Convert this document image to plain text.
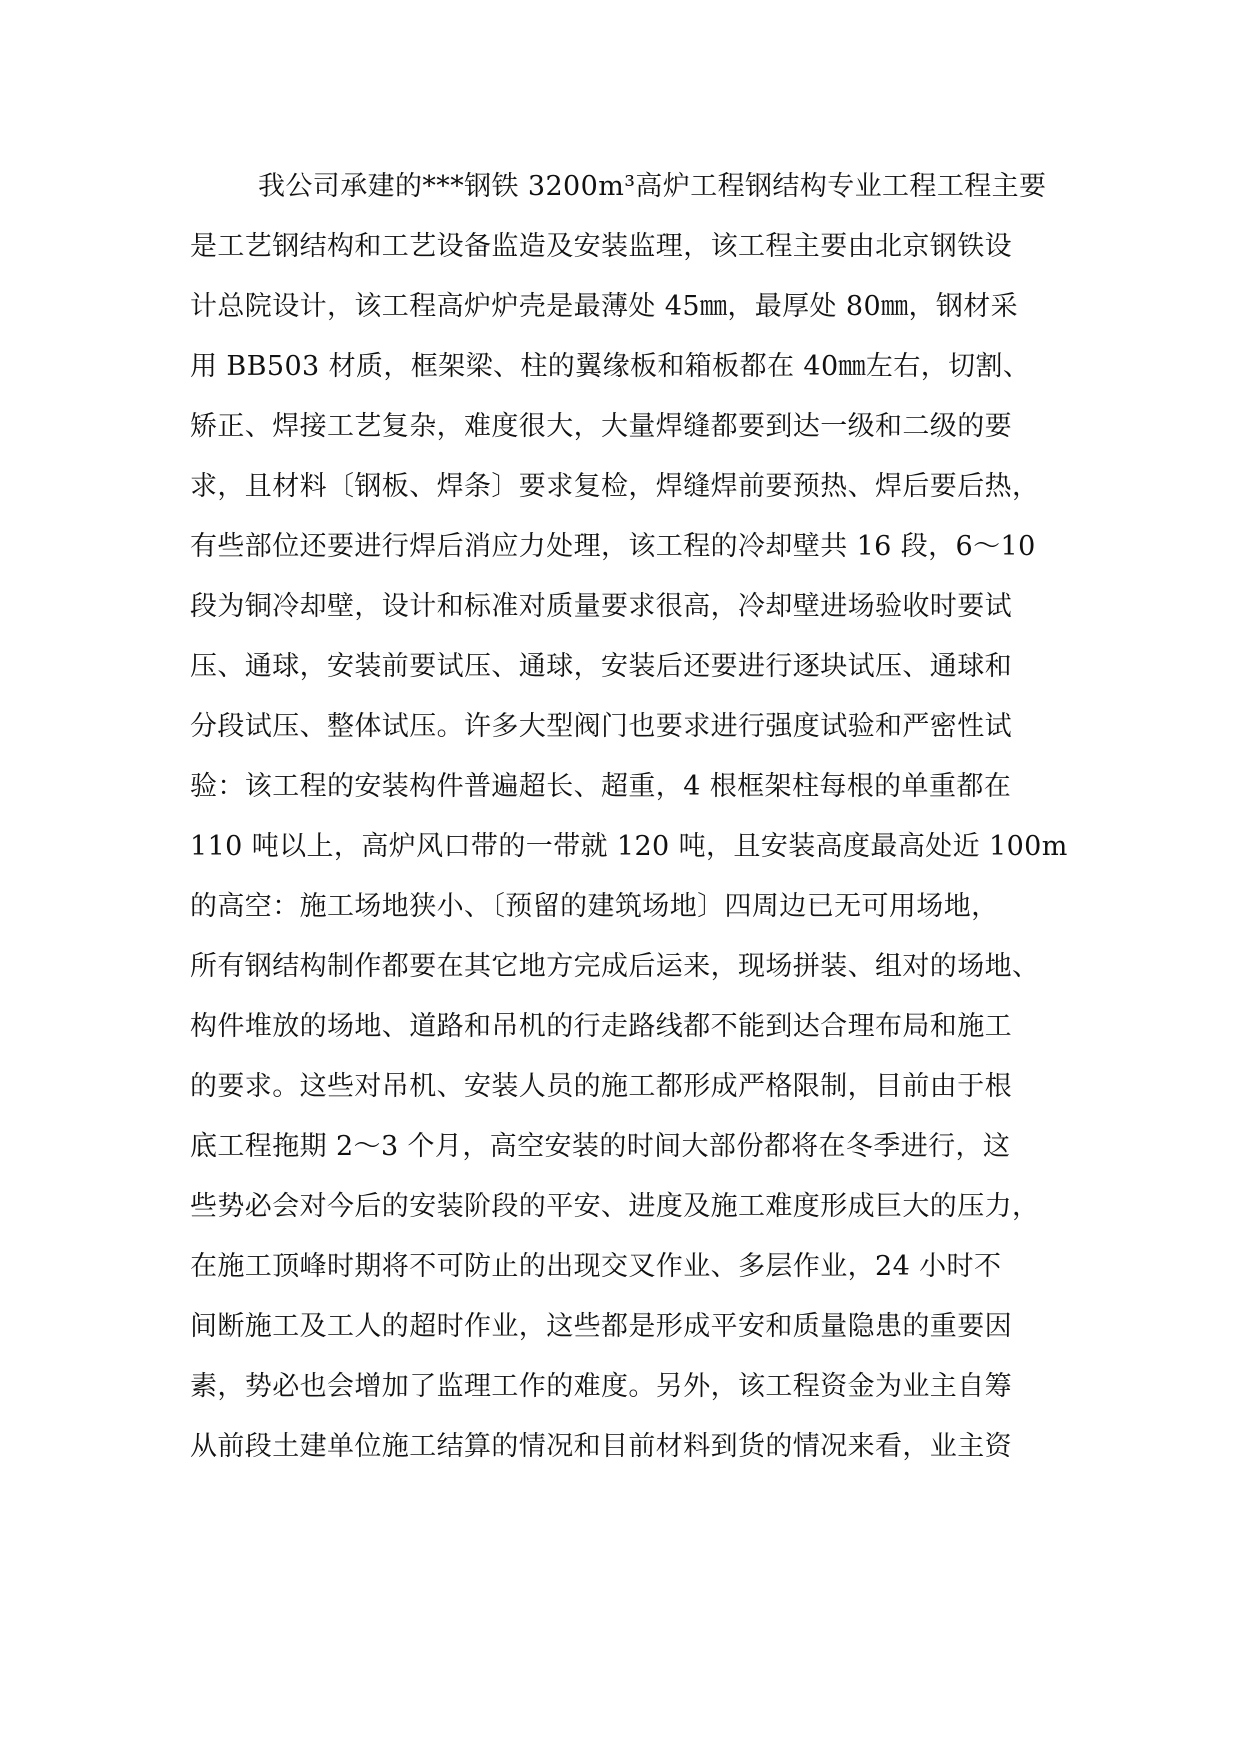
我公司承建的***钢铁 3200m³高炉工程钢结构专业工程工程主要
是工艺钢结构和工艺设备监造及安装监理，该工程主要由北京钢铁设
计总院设计，该工程高炉炉壳是最薄处 45㎜，最厚处 80㎜，钢材采
用 BB503 材质，框架梁、柱的翼缘板和箱板都在 40㎜左右，切割、
矫正、焊接工艺复杂，难度很大，大量焊缝都要到达一级和二级的要
求，且材料〔钢板、焊条〕要求复检，焊缝焊前要预热、焊后要后热，
有些部位还要进行焊后消应力处理，该工程的冷却壁共 16 段，6～10
段为铜冷却壁，设计和标准对质量要求很高，冷却壁进场验收时要试
压、通球，安装前要试压、通球，安装后还要进行逐块试压、通球和
分段试压、整体试压。许多大型阀门也要求进行强度试验和严密性试
验：该工程的安装构件普遍超长、超重，4 根框架柱每根的单重都在
110 吨以上，高炉风口带的一带就 120 吨，且安装高度最高处近 100m
的高空：施工场地狭小、〔预留的建筑场地〕四周边已无可用场地，
所有钢结构制作都要在其它地方完成后运来，现场拼装、组对的场地、
构件堆放的场地、道路和吊机的行走路线都不能到达合理布局和施工
的要求。这些对吊机、安装人员的施工都形成严格限制，目前由于根
底工程拖期 2～3 个月，高空安装的时间大部份都将在冬季进行，这
些势必会对今后的安装阶段的平安、进度及施工难度形成巨大的压力，
在施工顶峰时期将不可防止的出现交叉作业、多层作业，24 小时不
间断施工及工人的超时作业，这些都是形成平安和质量隐患的重要因
素，势必也会增加了监理工作的难度。另外，该工程资金为业主自筹
从前段土建单位施工结算的情况和目前材料到货的情况来看，业主资
